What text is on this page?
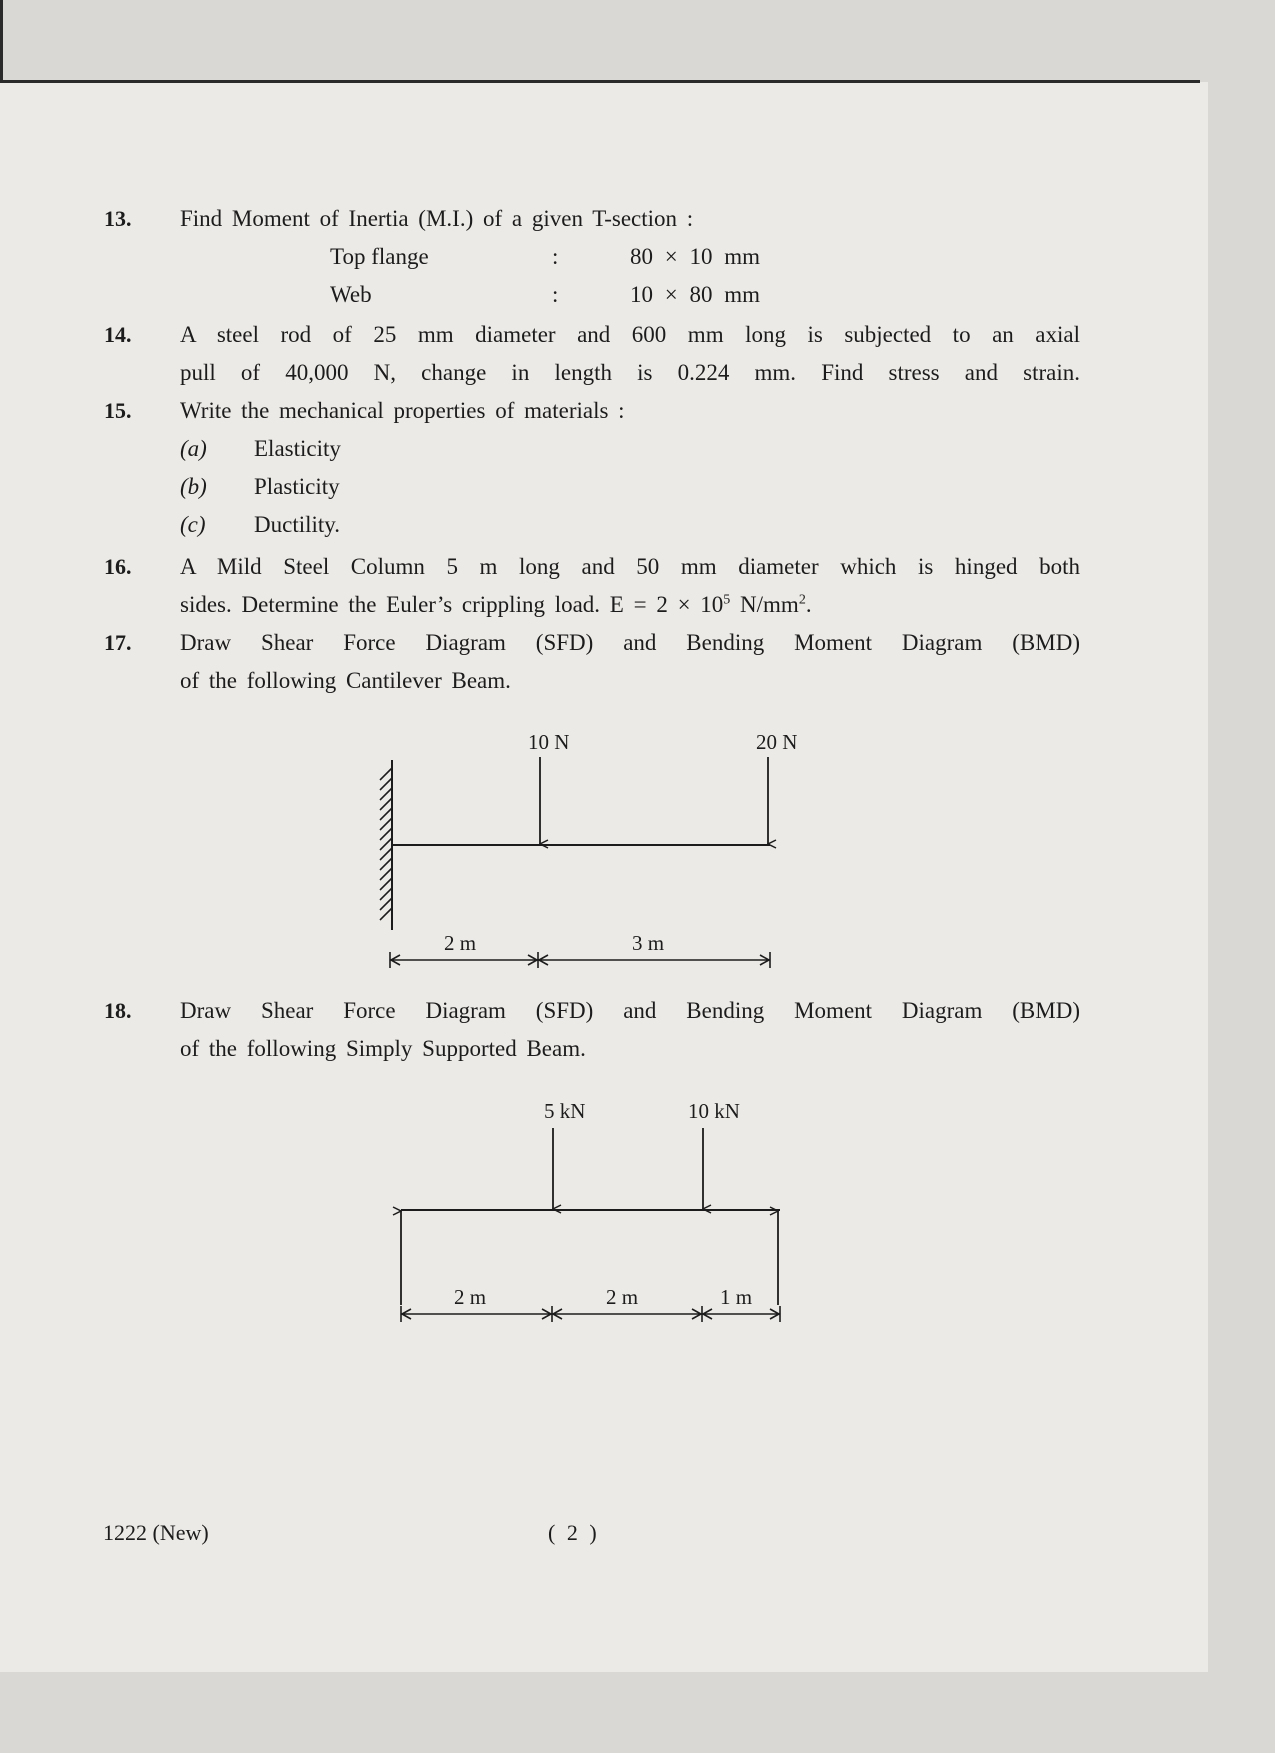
13. Find Moment of Inertia (M.I.) of a given T-section :
Top flange	:	80 × 10 mm
Web	:	10 × 80 mm
14. A steel rod of 25 mm diameter and 600 mm long is subjected to an axial
pull of 40,000 N, change in length is 0.224 mm. Find stress and strain.
15. Write the mechanical properties of materials :
(a) Elasticity
(b) Plasticity
(c) Ductility.
16. A Mild Steel Column 5 m long and 50 mm diameter which is hinged both
sides. Determine the Euler’s crippling load. $E = 2 \times 10^5$ $N/mm^2$.
17. Draw Shear Force Diagram (SFD) and Bending Moment Diagram (BMD)
of the following Cantilever Beam.
10 N	20 N
2 m	3 m
18. Draw Shear Force Diagram (SFD) and Bending Moment Diagram (BMD)
of the following Simply Supported Beam.
5 kN	10 kN
2 m	2 m	1 m
1222 (New)	( 2 )
